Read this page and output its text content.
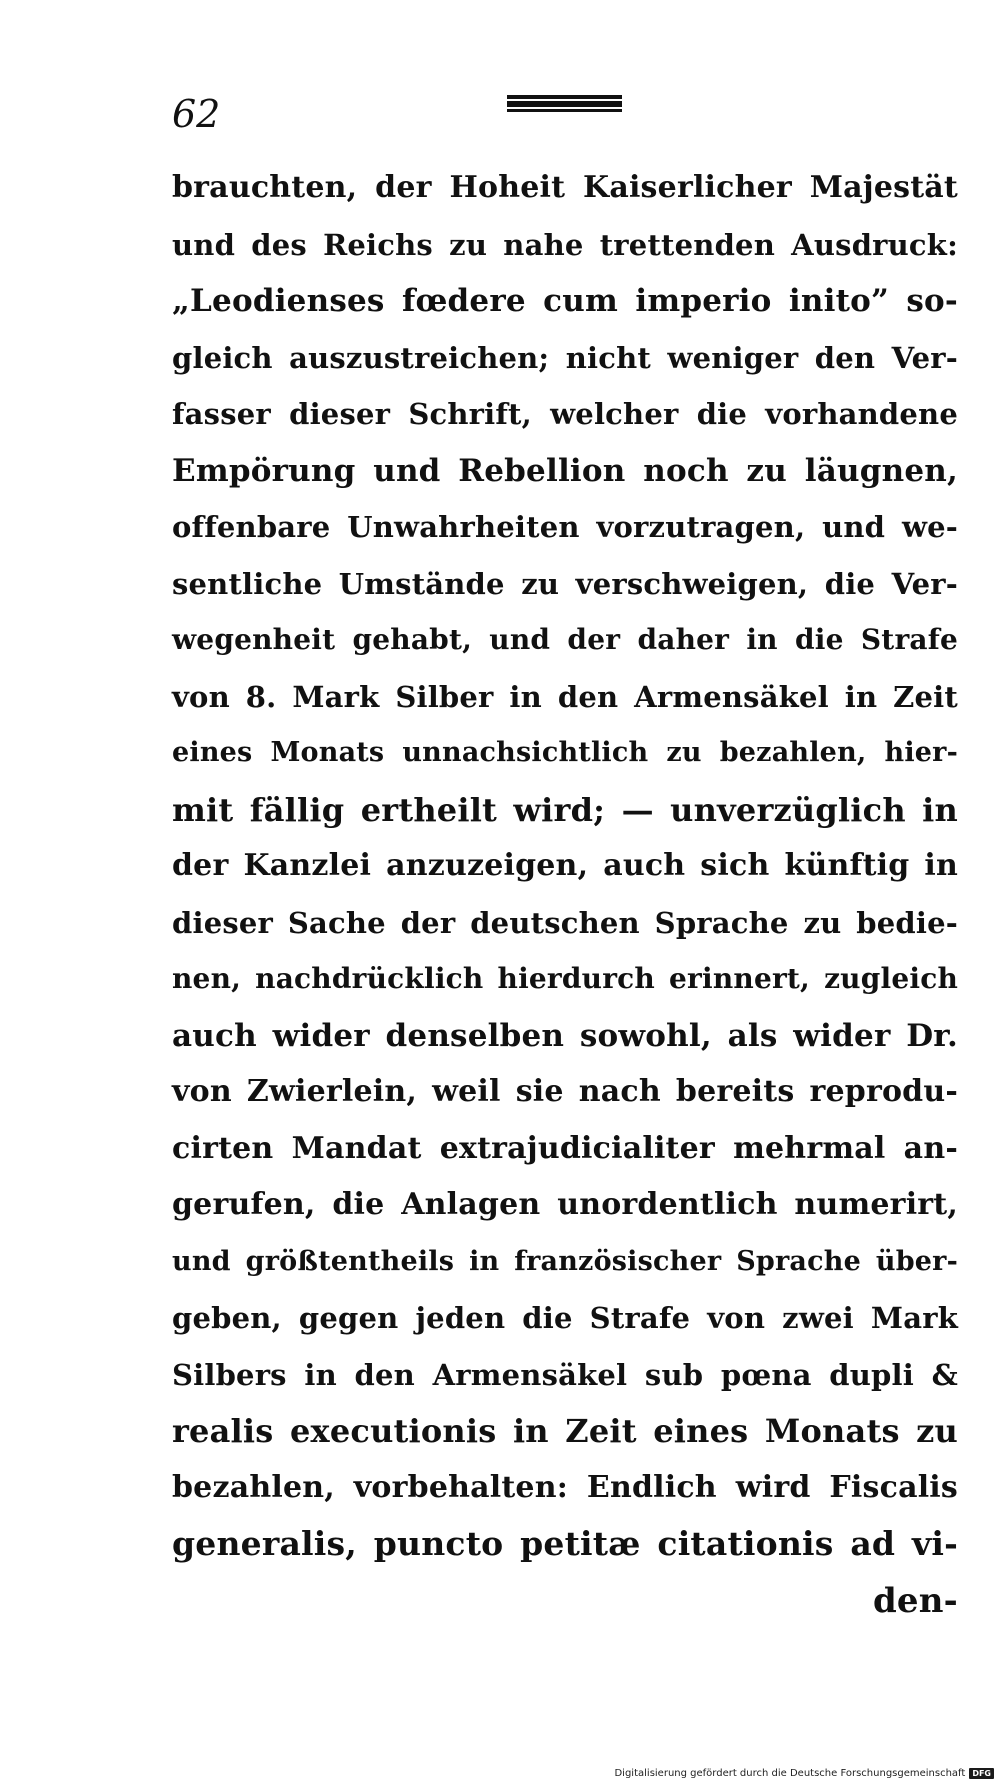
62
brauchten, der Hoheit Kaiserlicher Majestät
und des Reichs zu nahe trettenden Ausdruck:
„Leodienses fœdere cum imperio inito” so-
gleich auszustreichen; nicht weniger den Ver-
fasser dieser Schrift, welcher die vorhandene
Empörung und Rebellion noch zu läugnen,
offenbare Unwahrheiten vorzutragen, und we-
sentliche Umstände zu verschweigen, die Ver-
wegenheit gehabt, und der daher in die Strafe
von 8. Mark Silber in den Armensäkel in Zeit
eines Monats unnachsichtlich zu bezahlen, hier-
mit fällig ertheilt wird; — unverzüglich in
der Kanzlei anzuzeigen, auch sich künftig in
dieser Sache der deutschen Sprache zu bedie-
nen, nachdrücklich hierdurch erinnert, zugleich
auch wider denselben sowohl, als wider Dr.
von Zwierlein, weil sie nach bereits reprodu-
cirten Mandat extrajudicialiter mehrmal an-
gerufen, die Anlagen unordentlich numerirt,
und größtentheils in französischer Sprache über-
geben, gegen jeden die Strafe von zwei Mark
Silbers in den Armensäkel sub pœna dupli &
realis executionis in Zeit eines Monats zu
bezahlen, vorbehalten: Endlich wird Fiscalis
generalis, puncto petitæ citationis ad vi-
den-
Digitalisierung gefördert durch die Deutsche Forschungsgemeinschaft DFG
